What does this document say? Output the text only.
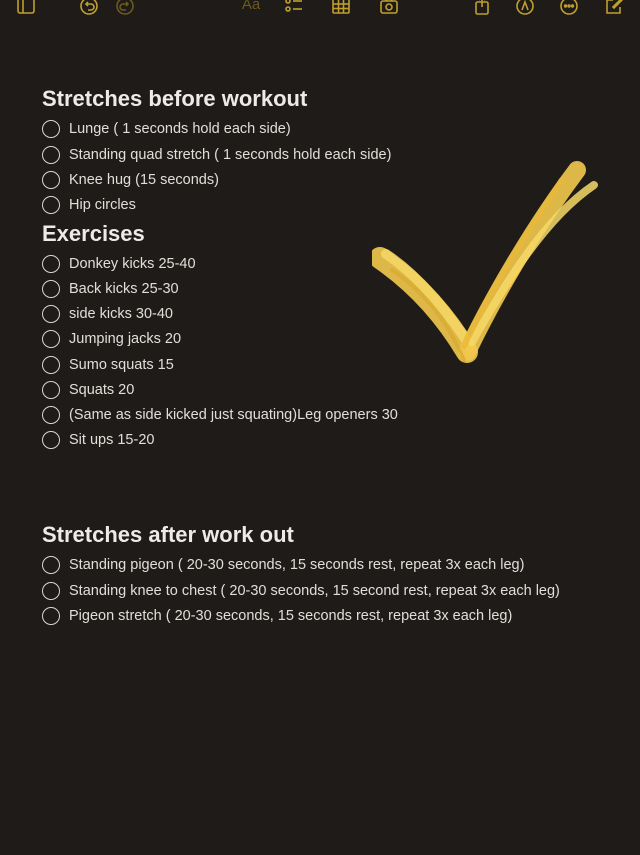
Aa
Stretches before workout
Lunge ( 1 seconds hold each side)
Standing quad stretch ( 1 seconds hold each side)
Knee hug (15 seconds)
Hip circles
Exercises
Donkey kicks 25-40
Back kicks 25-30
side kicks 30-40
Jumping jacks 20
Sumo squats 15
Squats 20
(Same as side kicked just squating)Leg openers 30
Sit ups 15-20
Stretches after work out
Standing pigeon ( 20-30 seconds, 15 seconds rest, repeat 3x each leg)
Standing knee to chest ( 20-30 seconds, 15 second rest, repeat 3x each leg)
Pigeon stretch ( 20-30 seconds, 15 seconds rest, repeat 3x each leg)
